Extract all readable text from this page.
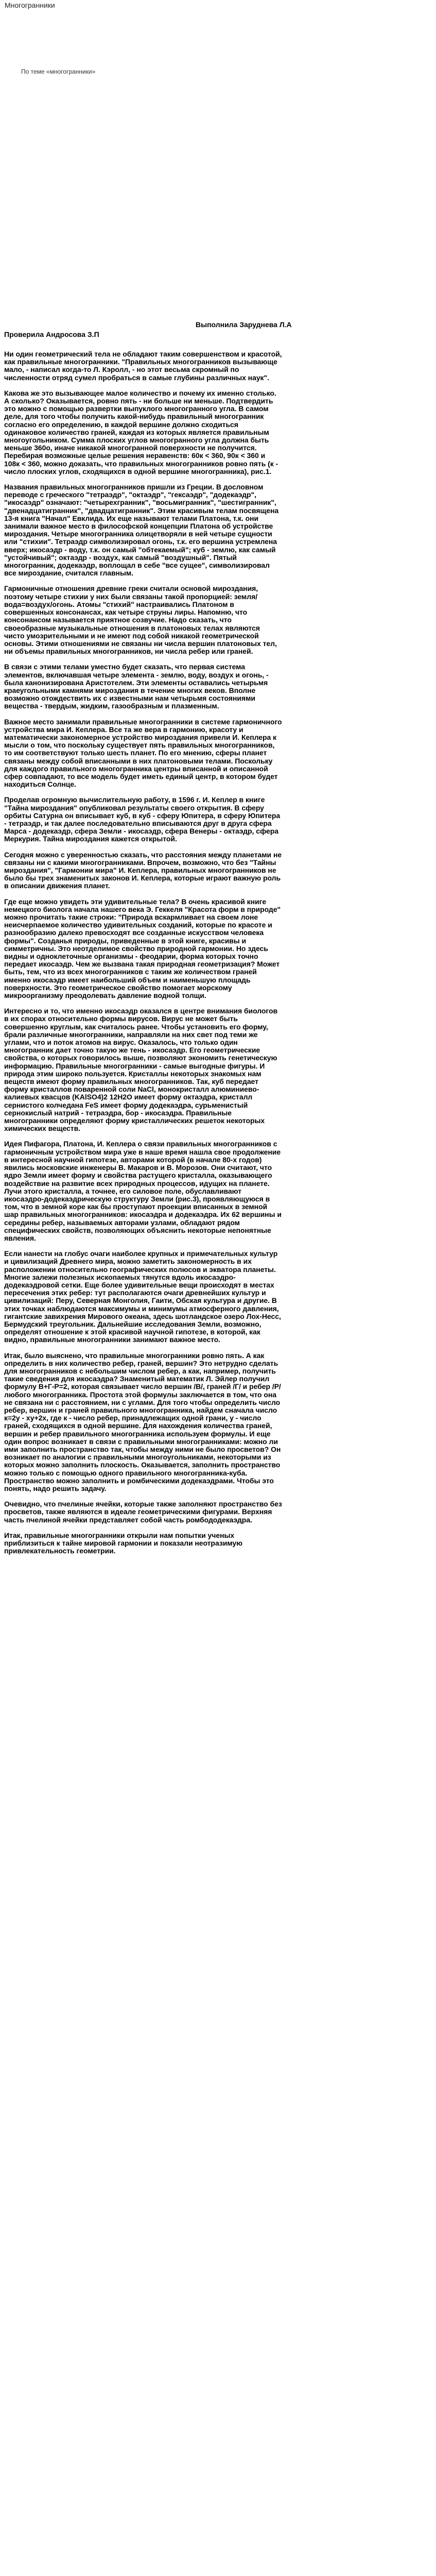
Многогранники
По теме «многогранники»
Выполнила Заруднева Л.А
Проверила Андросова З.П

Ни один геометрический тела не обладают таким совершенством и красотой, как правильные многогранники. "Правильных многогранников вызывающе мало, - написал когда-то Л. Кэролл, - но этот весьма скромный по численности отряд сумел пробраться в самые глубины различных наук".

Какова же это вызывающее малое количество и почему их именно столько. А сколько? Оказывается, ровно пять - ни больше ни меньше. Подтвердить это можно с помощью развертки выпуклого многогранного угла. В самом деле, для того чтобы получить какой-нибудь правильный многогранник согласно его определению, в каждой вершине должно сходиться одинаковое количество граней, каждая из которых является правильным многоугольником. Сумма плоских углов многогранного угла должна быть меньше 360о, иначе никакой многогранной поверхности не получится. Перебирая возможные целые решения неравенств: 60к < 360, 90к < 360 и 108к < 360, можно доказать, что правильных многогранников ровно пять (к - число плоских углов, сходящихся в одной вершине многогранника), рис.1.

Названия правильных многогранников пришли из Греции. В дословном переводе с греческого "тетраэдр", "октаэдр", "гексаэдр", "додекаэдр", "икосаэдр" означают: "четырехгранник", "восьмигранник", "шестигранник", "двенадцатигранник", "двадцатигранник". Этим красивым телам посвящена 13-я книга "Начал" Евклида. Их еще называют телами Платона, т.к. они занимали важное место в философской концепции Платона об устройстве мироздания. Четыре многогранника олицетворяли в ней четыре сущности или "стихии". Тетраэдр символизировал огонь, т.к. его вершина устремлена вверх; икосаэдр - воду, т.к. он самый "обтекаемый"; куб - землю, как самый "устойчивый"; октаэдр - воздух, как самый "воздушный". Пятый многогранник, додекаэдр, воплощал в себе "все сущее", символизировал все мироздание, считался главным.

Гармоничные отношения древние греки считали основой мироздания, поэтому четыре стихии у них были связаны такой пропорцией: земля/вода=воздух/огонь. Атомы "стихий" настраивались Платоном в совершенных консонансах, как четыре струны лиры. Напомню, что консонансом называется приятное созвучие. Надо сказать, что своеобразные музыкальные отношения в платоновых телах являются чисто умозрительными и не имеют под собой никакой геометрической основы. Этими отношениями не связаны ни числа вершин платоновых тел, ни объемы правильных многогранников, ни числа ребер или граней.

В связи с этими телами уместно будет сказать, что первая система элементов, включавшая четыре элемента - землю, воду, воздух и огонь, - была канонизирована Аристотелем. Эти элементы оставались четырьмя краеугольными камнями мироздания в течение многих веков. Вполне возможно отождествить их с известными нам четырьмя состояниями вещества - твердым, жидким, газообразным и плазменным.

Важное место занимали правильные многогранники в системе гармоничного устройства мира И. Кеплера. Все та же вера в гармонию, красоту и математически закономерное устройство мироздания привели И. Кеплера к мысли о том, что поскольку существует пять правильных многогранников, то им соответствуют только шесть планет. По его мнению, сферы планет связаны между собой вписанными в них платоновыми телами. Поскольку для каждого правильного многогранника центры вписанной и описанной сфер совпадают, то все модель будет иметь единый центр, в котором будет находиться Солнце.

Проделав огромную вычислительную работу, в 1596 г. И. Кеплер в книге "Тайна мироздания" опубликовал результаты своего открытия. В сферу орбиты Сатурна он вписывает куб, в куб - сферу Юпитера, в сферу Юпитера - тетраэдр, и так далее последовательно вписываются друг в друга сфера Марса - додекаэдр, сфера Земли - икосаэдр, сфера Венеры - октаэдр, сфера Меркурия. Тайна мироздания кажется открытой.

Сегодня можно с уверенностью сказать, что расстояния между планетами не связаны ни с какими многогранниками. Впрочем, возможно, что без "Тайны мироздания", "Гармонии мира" И. Кеплера, правильных многогранников не было бы трех знаменитых законов И. Кеплера, которые играют важную роль в описании движения планет.

Где еще можно увидеть эти удивительные тела? В очень красивой книге немецкого биолога начала нашего века Э. Геккеля "Красота форм в природе" можно прочитать такие строки: "Природа вскармливает на своем лоне неисчерпаемое количество удивительных созданий, которые по красоте и разнообразию далеко превосходят все созданные искусством человека формы". Созданья природы, приведенные в этой книге, красивы и симметричны. Это неотделимое свойство природной гармонии. Но здесь видны и одноклеточные организмы - феодарии, форма которых точно передает икосаэдр. Чем же вызвана такая природная геометризация? Может быть, тем, что из всех многогранников с таким же количеством граней именно икосаэдр имеет наибольший объем и наименьшую площадь поверхности. Это геометрическое свойство помогает морскому микроорганизму преодолевать давление водной толщи.

Интересно и то, что именно икосаэдр оказался в центре внимания биологов в их спорах относительно формы вирусов. Вирус не может быть совершенно круглым, как считалось ранее. Чтобы установить его форму, брали различные многогранники, направляли на них свет под теми же углами, что и поток атомов на вирус. Оказалось, что только один многогранник дает точно такую же тень - икосаэдр. Его геометрические свойства, о которых говорилось выше, позволяют экономить генетическую информацию. Правильные многогранники - самые выгодные фигуры. И природа этим широко пользуется. Кристаллы некоторых знакомых нам веществ имеют форму правильных многогранников. Так, куб передает форму кристаллов поваренной соли NaCl, монокристалл алюминиево-калиевых квасцов (KAlSO4)2 12H2O имеет форму октаэдра, кристалл сернистого колчедана FeS имеет форму додекаэдра, сурьменистый сернокислый натрий - тетраэдра, бор - икосаэдра. Правильные многогранники определяют форму кристаллических решеток некоторых химических веществ.

Идея Пифагора, Платона, И. Кеплера о связи правильных многогранников с гармоничным устройством мира уже в наше время нашла свое продолжение в интересной научной гипотезе, авторами которой (в начале 80-х годов) явились московские инженеры В. Макаров и В. Морозов. Они считают, что ядро Земли имеет форму и свойства растущего кристалла, оказывающего воздействие на развитие всех природных процессов, идущих на планете. Лучи этого кристалла, а точнее, его силовое поле, обуславливают икосаэдро-додекаэдрическую структуру Земли (рис.3), проявляющуюся в том, что в земной коре как бы проступают проекции вписанных в земной шар правильных многогранников: икосаэдра и додекаэдра. Их 62 вершины и середины ребер, называемых авторами узлами, обладают рядом специфических свойств, позволяющих объяснить некоторые непонятные явления.

Если нанести на глобус очаги наиболее крупных и примечательных культур и цивилизаций Древнего мира, можно заметить закономерность в их расположении относительно географических полюсов и экватора планеты. Многие залежи полезных ископаемых тянутся вдоль икосаэдро-додекаэдровой сетки. Еще более удивительные вещи происходят в местах пересечения этих ребер: тут располагаются очаги древнейших культур и цивилизаций: Перу, Северная Монголия, Гаити, Обская культура и другие. В этих точках наблюдаются максимумы и минимумы атмосферного давления, гигантские завихрения Мирового океана, здесь шотландское озеро Лох-Несс, Бермудский треугольник. Дальнейшие исследования Земли, возможно, определят отношение к этой красивой научной гипотезе, в которой, как видно, правильные многогранники занимают важное место.

Итак, было выяснено, что правильные многогранники ровно пять. А как определить в них количество ребер, граней, вершин? Это нетрудно сделать для многогранников с небольшим числом ребер, а как, например, получить такие сведения для икосаэдра? Знаменитый математик Л. Эйлер получил формулу В+Г-Р=2, которая связывает число вершин /В/, граней /Г/ и ребер /Р/ любого многогранника. Простота этой формулы заключается в том, что она не связана ни с расстоянием, ни с углами. Для того чтобы определить число ребер, вершин и граней правильного многогранника, найдем сначала число к=2у - ху+2х, где к - число ребер, принадлежащих одной грани, у - число граней, сходящихся в одной вершине. Для нахождения количества граней, вершин и ребер правильного многогранника используем формулы. И еще один вопрос возникает в связи с правильными многогранниками: можно ли ими заполнить пространство так, чтобы между ними не было просветов? Он возникает по аналогии с правильными многоугольниками, некоторыми из которых можно заполнить плоскость. Оказывается, заполнить пространство можно только с помощью одного правильного многогранника-куба. Пространство можно заполнить и ромбическими додекаэдрами. Чтобы это понять, надо решить задачу.

Очевидно, что пчелиные ячейки, которые также заполняют пространство без просветов, также являются в идеале геометрическими фигурами. Верхняя часть пчелиной ячейки представляет собой часть ромбододекаэдра.

Итак, правильные многогранники открыли нам попытки ученых приблизиться к тайне мировой гармонии и показали неотразимую привлекательность геометрии.
